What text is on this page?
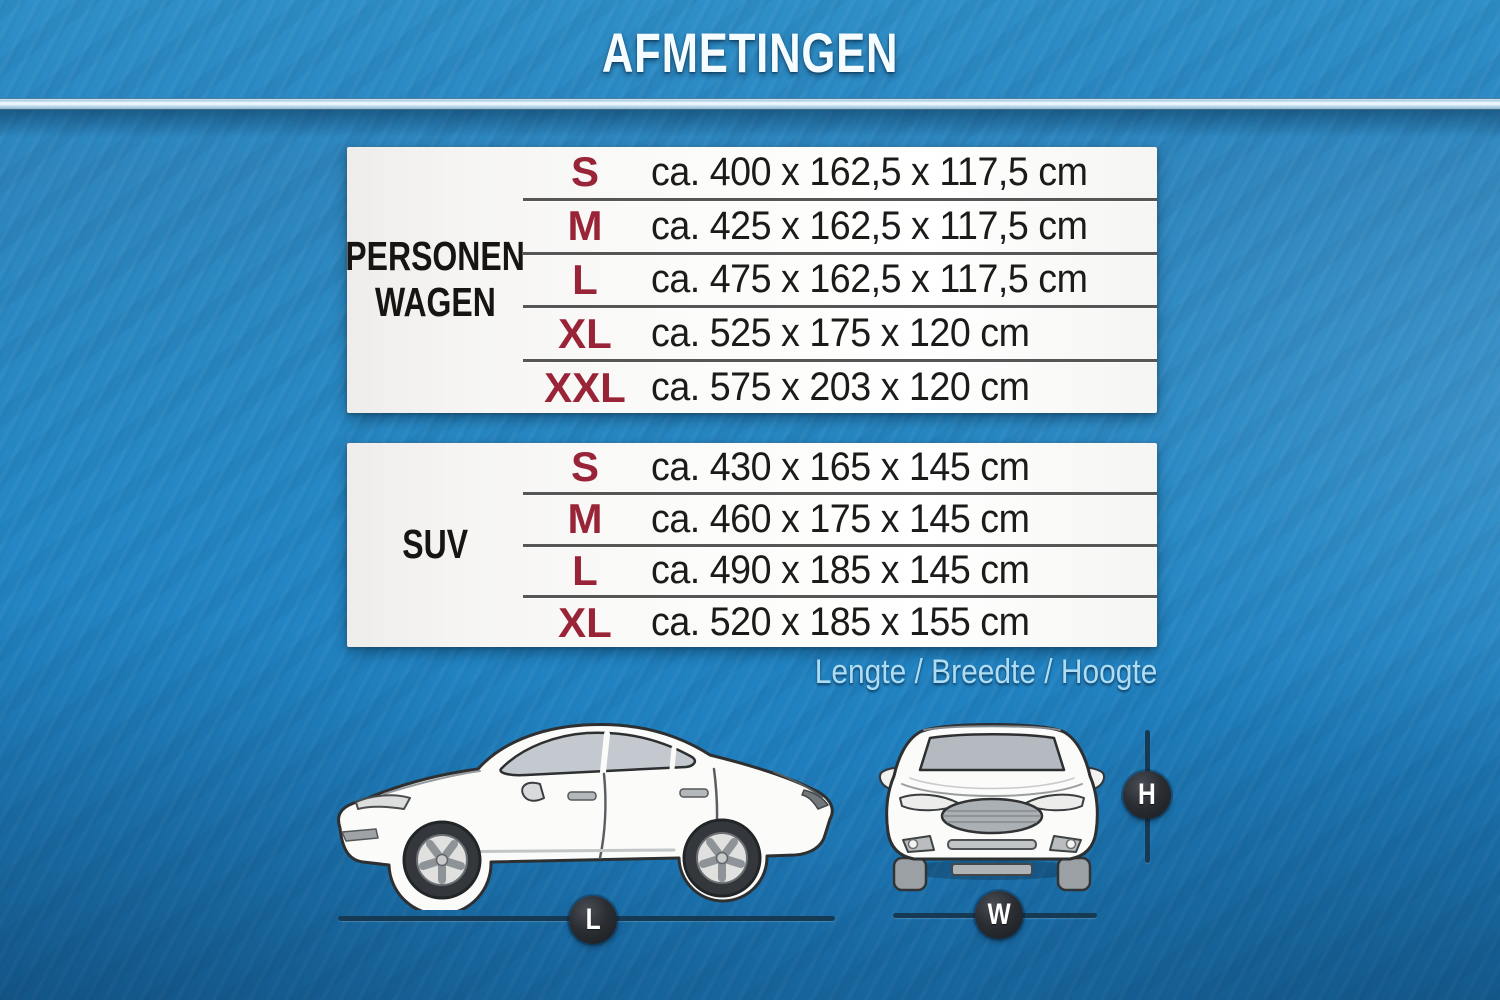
AFMETINGEN
PERSONEN
WAGEN
S	ca. 400 x 162,5 x 117,5 cm
M	ca. 425 x 162,5 x 117,5 cm
L	ca. 475 x 162,5 x 117,5 cm
XL ca. 525 x 175 x 120 cm
XXL ca. 575 x 203 x 120 cm
SUV
S	ca. 430 x 165 x 145 cm
M	ca. 460 x 175 x 145 cm
L	ca. 490 x 185 x 145 cm
XL ca. 520 x 185 x 155 cm
Lengte / Breedte / Hoogte
L	W
H
